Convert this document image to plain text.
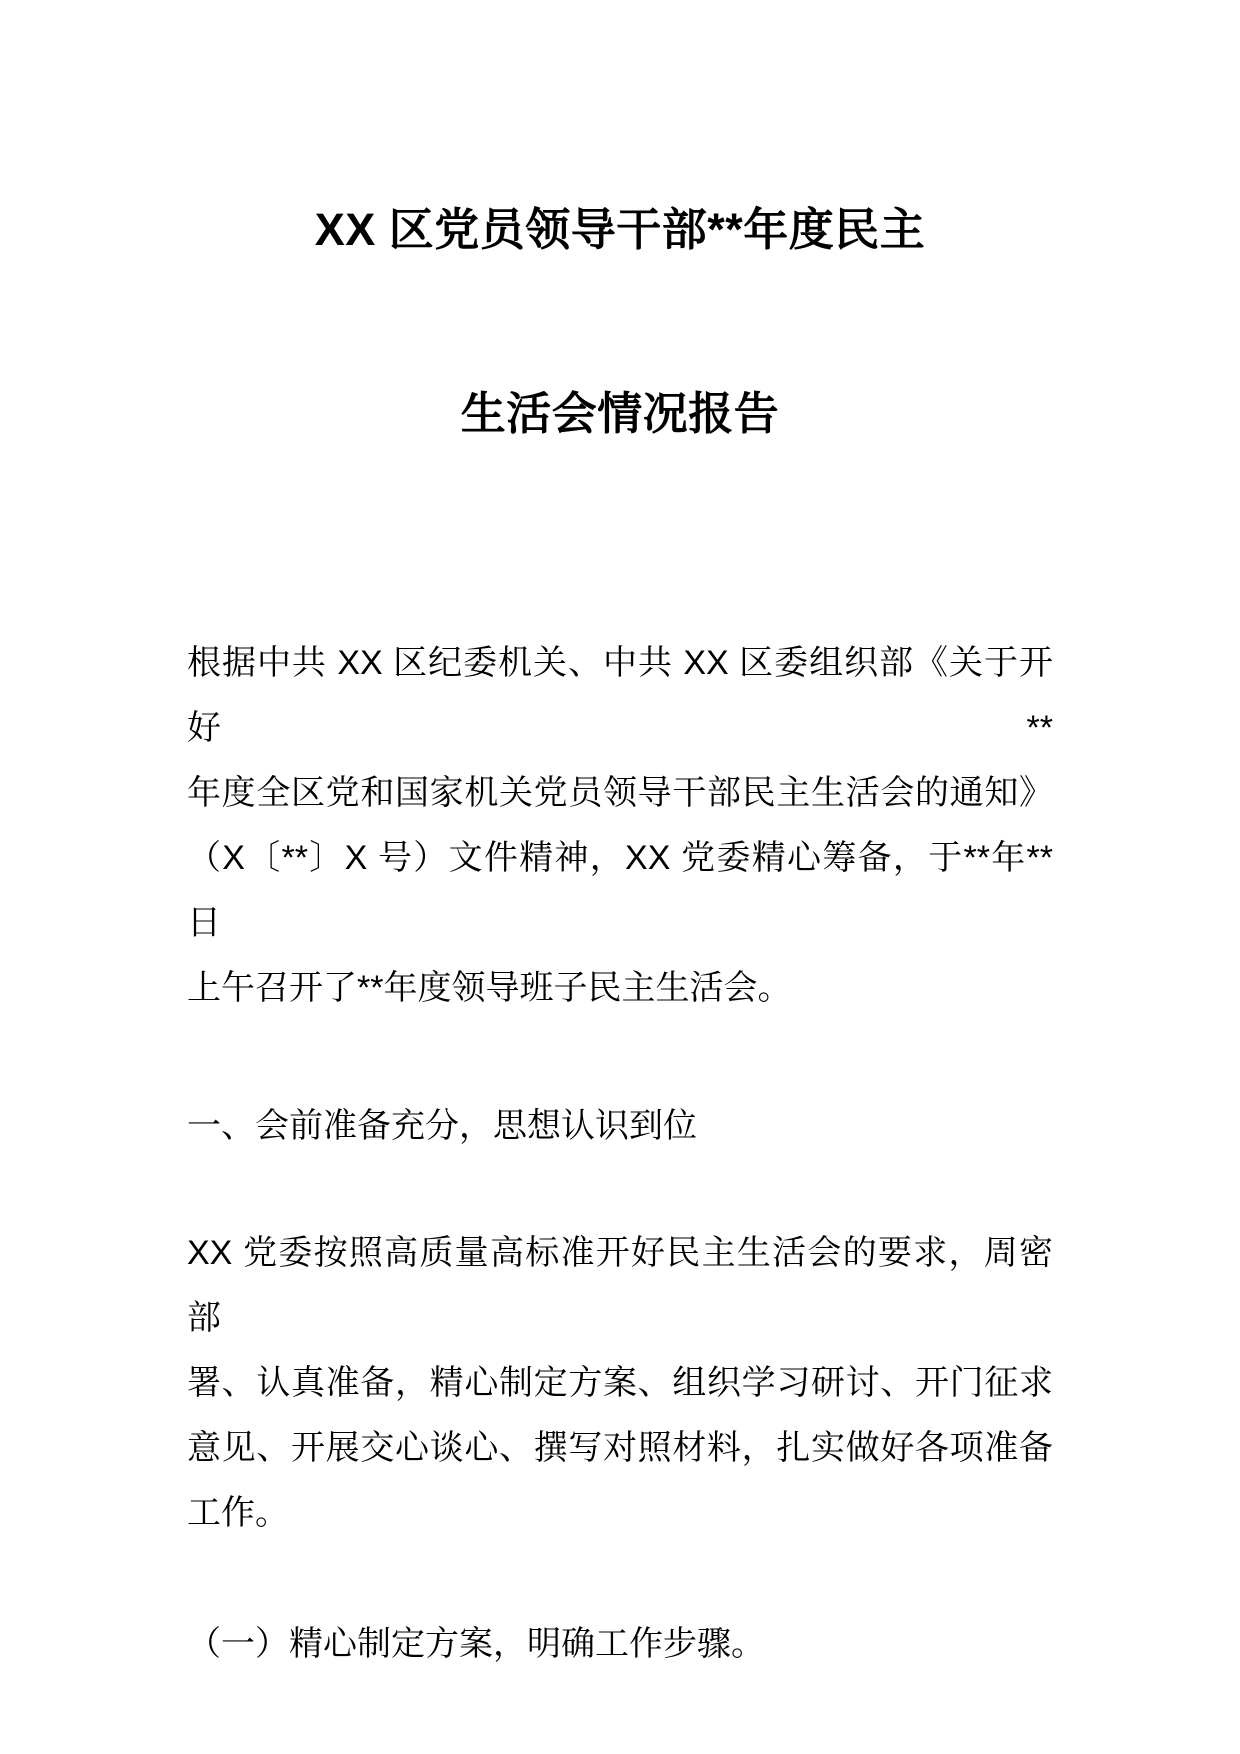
XX 区党员领导干部**年度民主
生活会情况报告
根据中共 XX 区纪委机关、中共 XX 区委组织部《关于开好**
年度全区党和国家机关党员领导干部民主生活会的通知》
（X〔**〕X 号）文件精神，XX 党委精心筹备，于**年**日
上午召开了**年度领导班子民主生活会。
一、会前准备充分，思想认识到位
XX 党委按照高质量高标准开好民主生活会的要求，周密部
署、认真准备，精心制定方案、组织学习研讨、开门征求
意见、开展交心谈心、撰写对照材料，扎实做好各项准备
工作。
（一）精心制定方案，明确工作步骤。
